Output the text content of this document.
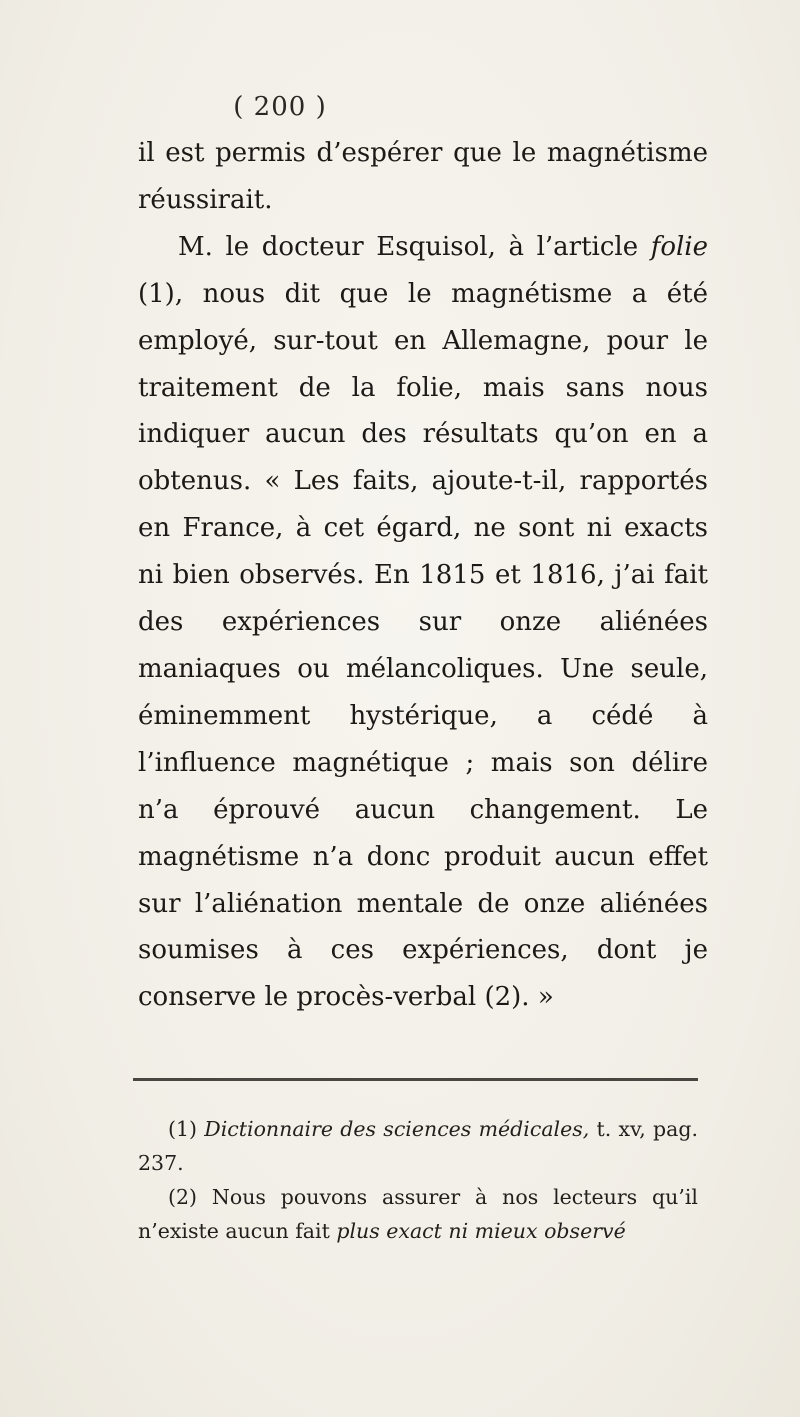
( 200 )

il est permis d’espérer que le magnétisme réussirait.

M. le docteur Esquisol, à l’article folie (1), nous dit que le magnétisme a été employé, sur-tout en Allemagne, pour le traitement de la folie, mais sans nous indiquer aucun des résultats qu’on en a obtenus. « Les faits, ajoute-t-il, rapportés en France, à cet égard, ne sont ni exacts ni bien observés. En 1815 et 1816, j’ai fait des expériences sur onze aliénées maniaques ou mélancoliques. Une seule, éminemment hystérique, a cédé à l’influence magnétique ; mais son délire n’a éprouvé aucun changement. Le magnétisme n’a donc produit aucun effet sur l’aliénation mentale de onze aliénées soumises à ces expériences, dont je conserve le procès-verbal (2). »

(1) Dictionnaire des sciences médicales, t. xv, pag. 237.

(2) Nous pouvons assurer à nos lecteurs qu’il n’existe aucun fait plus exact ni mieux observé
